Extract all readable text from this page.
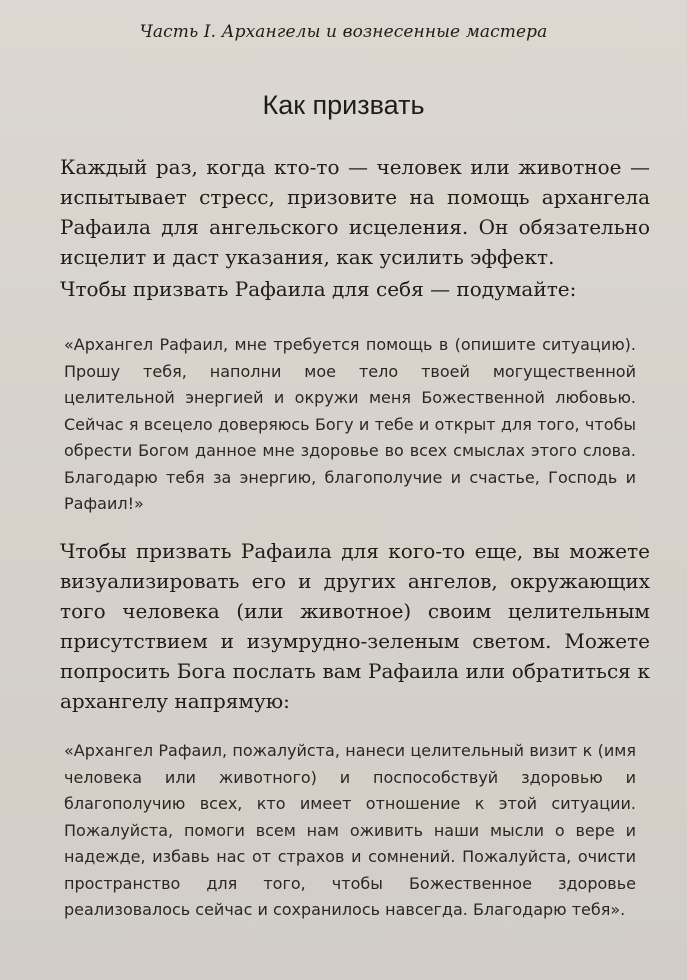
Часть I. Архангелы и вознесенные мастера
Как призвать
Каждый раз, когда кто-то — человек или животное — испытывает стресс, призовите на помощь архангела Рафаила для ангельского исцеления. Он обязательно исцелит и даст указания, как усилить эффект.
Чтобы призвать Рафаила для себя — подумайте:
«Архангел Рафаил, мне требуется помощь в (опишите ситуацию). Прошу тебя, наполни мое тело твоей могущественной целительной энергией и окружи меня Божественной любовью. Сейчас я всецело доверяюсь Богу и тебе и открыт для того, чтобы обрести Богом данное мне здоровье во всех смыслах этого слова. Благодарю тебя за энергию, благополучие и счастье, Господь и Рафаил!»
Чтобы призвать Рафаила для кого-то еще, вы можете визуализировать его и других ангелов, окружающих того человека (или животное) своим целительным присутствием и изумрудно-зеленым светом. Можете попросить Бога послать вам Рафаила или обратиться к архангелу напрямую:
«Архангел Рафаил, пожалуйста, нанеси целительный визит к (имя человека или животного) и поспособствуй здоровью и благополучию всех, кто имеет отношение к этой ситуации. Пожалуйста, помоги всем нам оживить наши мысли о вере и надежде, избавь нас от страхов и сомнений. Пожалуйста, очисти пространство для того, чтобы Божественное здоровье реализовалось сейчас и сохранилось навсегда. Благодарю тебя».
